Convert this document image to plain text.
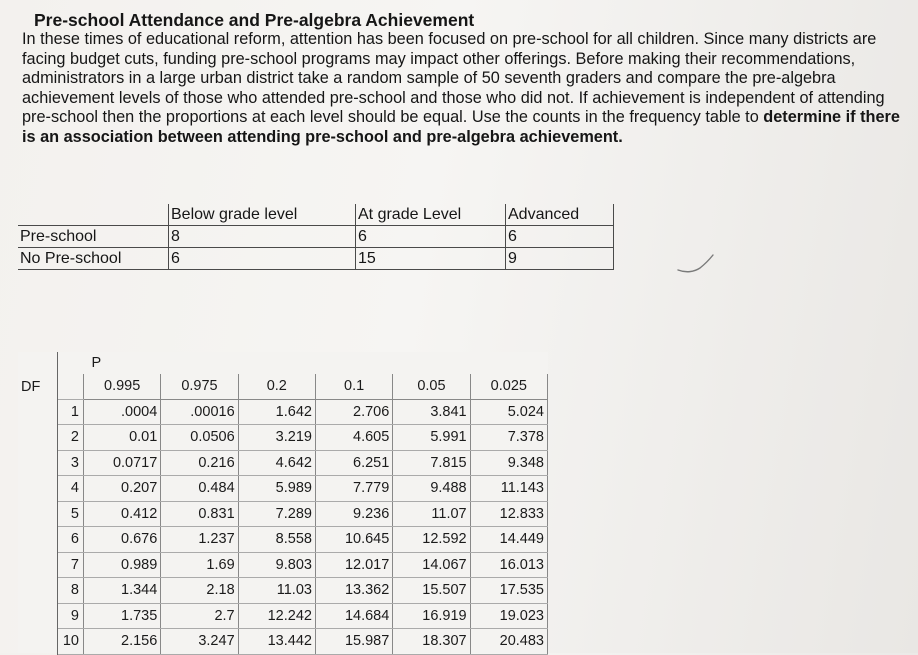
Pre-school Attendance and Pre-algebra Achievement
In these times of educational reform, attention has been focused on pre-school for all children. Since many districts are facing budget cuts, funding pre-school programs may impact other offerings. Before making their recommendations, administrators in a large urban district take a random sample of 50 seventh graders and compare the pre-algebra achievement levels of those who attended pre-school and those who did not. If achievement is independent of attending pre-school then the proportions at each level should be equal. Use the counts in the frequency table to determine if there is an association between attending pre-school and pre-algebra achievement.
	Below grade level	At grade Level	Advanced
Pre-school	8	6	6
No Pre-school	6	15	9
		P					
DF		0.995	0.975	0.2	0.1	0.05	0.025
	1	.0004	.00016	1.642	2.706	3.841	5.024
	2	0.01	0.0506	3.219	4.605	5.991	7.378
	3	0.0717	0.216	4.642	6.251	7.815	9.348
	4	0.207	0.484	5.989	7.779	9.488	11.143
	5	0.412	0.831	7.289	9.236	11.07	12.833
	6	0.676	1.237	8.558	10.645	12.592	14.449
	7	0.989	1.69	9.803	12.017	14.067	16.013
	8	1.344	2.18	11.03	13.362	15.507	17.535
	9	1.735	2.7	12.242	14.684	16.919	19.023
	10	2.156	3.247	13.442	15.987	18.307	20.483
